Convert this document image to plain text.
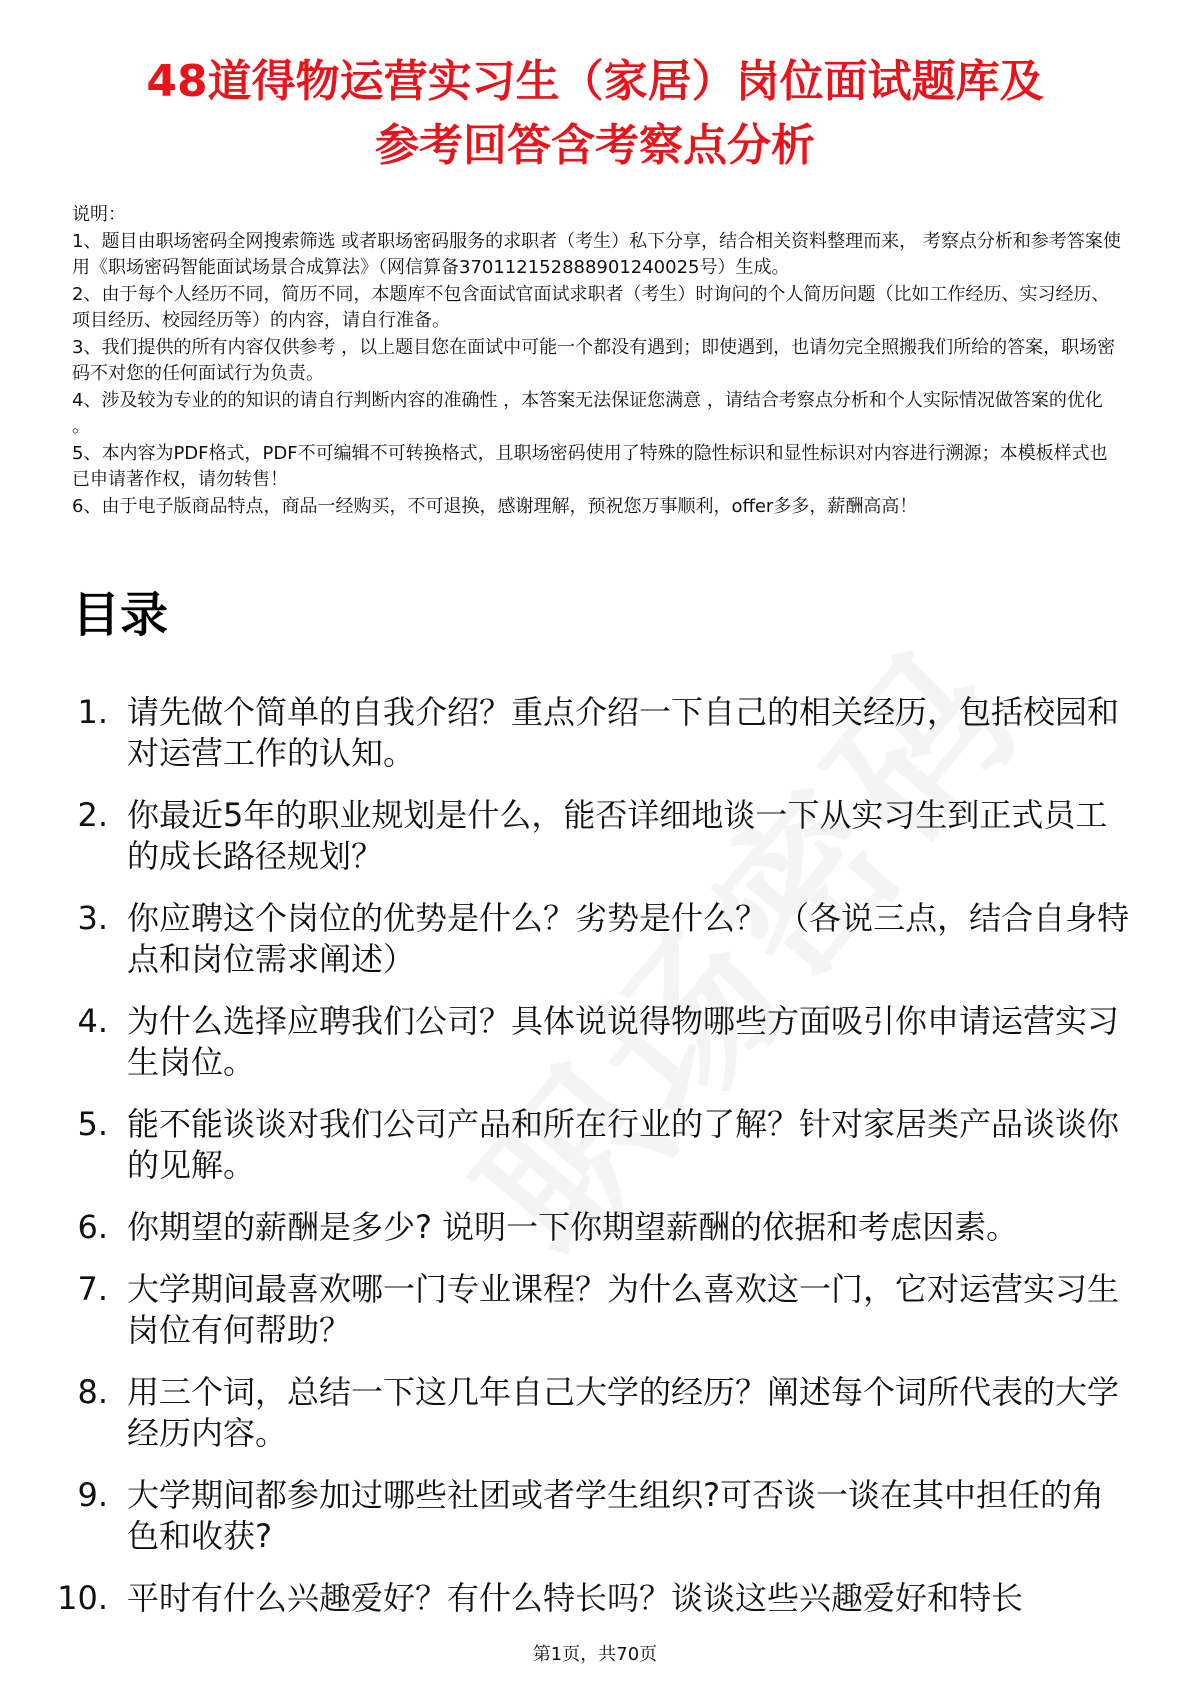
48道得物运营实习生（家居）岗位面试题库及
参考回答含考察点分析

说明：

1、题目由职场密码全网搜索筛选 或者职场密码服务的求职者（考生）私下分享，结合相关资料整理而来， 考察点分析和参考答案使用《职场密码智能面试场景合成算法》（网信算备370112152888901240025号）生成。

2、由于每个人经历不同，简历不同，本题库不包含面试官面试求职者（考生）时询问的个人简历问题（比如工作经历、实习经历、项目经历、校园经历等）的内容，请自行准备。

3、我们提供的所有内容仅供参考 ，以上题目您在面试中可能一个都没有遇到；即使遇到，也请勿完全照搬我们所给的答案，职场密码不对您的任何面试行为负责。

4、涉及较为专业的的知识的请自行判断内容的准确性 ，本答案无法保证您满意 ，请结合考察点分析和个人实际情况做答案的优化 。

5、本内容为PDF格式，PDF不可编辑不可转换格式，且职场密码使用了特殊的隐性标识和显性标识对内容进行溯源；本模板样式也已申请著作权，请勿转售！

6、由于电子版商品特点，商品一经购买，不可退换，感谢理解，预祝您万事顺利，offer多多，薪酬高高！

目录
1. 请先做个简单的自我介绍？重点介绍一下自己的相关经历，包括校园和对运营工作的认知。
2. 你最近5年的职业规划是什么，能否详细地谈一下从实习生到正式员工的成长路径规划？
3. 你应聘这个岗位的优势是什么？劣势是什么？ （各说三点，结合自身特点和岗位需求阐述）
4. 为什么选择应聘我们公司？具体说说得物哪些方面吸引你申请运营实习生岗位。
5. 能不能谈谈对我们公司产品和所在行业的了解？针对家居类产品谈谈你的见解。
6. 你期望的薪酬是多少? 说明一下你期望薪酬的依据和考虑因素。
7. 大学期间最喜欢哪一门专业课程？为什么喜欢这一门，它对运营实习生岗位有何帮助？
8. 用三个词，总结一下这几年自己大学的经历？阐述每个词所代表的大学经历内容。
9. 大学期间都参加过哪些社团或者学生组织?可否谈一谈在其中担任的角色和收获?
10. 平时有什么兴趣爱好？有什么特长吗？谈谈这些兴趣爱好和特长
第1页，共70页
